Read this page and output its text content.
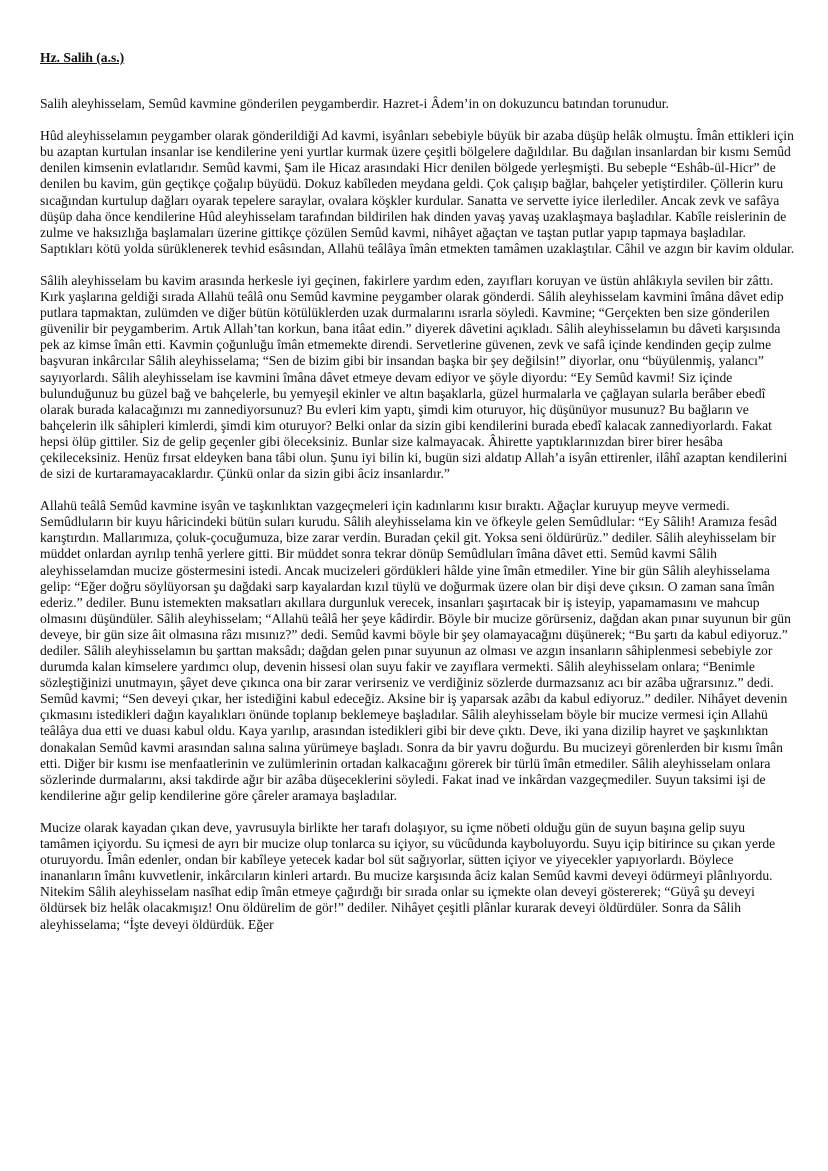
Hz. Salih (a.s.)

Salih aleyhisselam, Semûd kavmine gönderilen peygamberdir. Hazret-i Âdem’in on dokuzuncu batından torunudur.

Hûd aleyhisselamın peygamber olarak gönderildiği Ad kavmi, isyânları sebebiyle büyük bir azaba düşüp helâk olmuştu. Îmân ettikleri için bu azaptan kurtulan insanlar ise kendilerine yeni yurtlar kurmak üzere çeşitli bölgelere dağıldılar. Bu dağılan insanlardan bir kısmı Semûd denilen kimsenin evlatlarıdır. Semûd kavmi, Şam ile Hicaz arasındaki Hicr denilen bölgede yerleşmişti. Bu sebeple “Eshâb-ül-Hicr” de denilen bu kavim, gün geçtikçe çoğalıp büyüdü. Dokuz kabîleden meydana geldi. Çok çalışıp bağlar, bahçeler yetiştirdiler. Çöllerin kuru sıcağından kurtulup dağları oyarak tepelere saraylar, ovalara köşkler kurdular. Sanatta ve servette iyice ilerlediler. Ancak zevk ve safâya düşüp daha önce kendilerine Hûd aleyhisselam tarafından bildirilen hak dinden yavaş yavaş uzaklaşmaya başladılar. Kabîle reislerinin de zulme ve haksızlığa başlamaları üzerine gittikçe çözülen Semûd kavmi, nihâyet ağaçtan ve taştan putlar yapıp tapmaya başladılar. Saptıkları kötü yolda sürüklenerek tevhid esâsından, Allahü teâlâya îmân etmekten tamâmen uzaklaştılar. Câhil ve azgın bir kavim oldular.

Sâlih aleyhisselam bu kavim arasında herkesle iyi geçinen, fakirlere yardım eden, zayıfları koruyan ve üstün ahlâkıyla sevilen bir zâttı. Kırk yaşlarına geldiği sırada Allahü teâlâ onu Semûd kavmine peygamber olarak gönderdi. Sâlih aleyhisselam kavmini îmâna dâvet edip putlara tapmaktan, zulümden ve diğer bütün kötülüklerden uzak durmalarını ısrarla söyledi. Kavmine; “Gerçekten ben size gönderilen güvenilir bir peygamberim. Artık Allah’tan korkun, bana itâat edin.” diyerek dâvetini açıkladı. Sâlih aleyhisselamın bu dâveti karşısında pek az kimse îmân etti. Kavmin çoğunluğu îmân etmemekte direndi. Servetlerine güvenen, zevk ve safâ içinde kendinden geçip zulme başvuran inkârcılar Sâlih aleyhisselama; “Sen de bizim gibi bir insandan başka bir şey değilsin!” diyorlar, onu “büyülenmiş, yalancı” sayıyorlardı. Sâlih aleyhisselam ise kavmini îmâna dâvet etmeye devam ediyor ve şöyle diyordu: “Ey Semûd kavmi! Siz içinde bulunduğunuz bu güzel bağ ve bahçelerle, bu yemyeşil ekinler ve altın başaklarla, güzel hurmalarla ve çağlayan sularla berâber ebedî olarak burada kalacağınızı mı zannediyorsunuz? Bu evleri kim yaptı, şimdi kim oturuyor, hiç düşünüyor musunuz? Bu bağların ve bahçelerin ilk sâhipleri kimlerdi, şimdi kim oturuyor? Belki onlar da sizin gibi kendilerini burada ebedî kalacak zannediyorlardı. Fakat hepsi ölüp gittiler. Siz de gelip geçenler gibi öleceksiniz. Bunlar size kalmayacak. Âhirette yaptıklarınızdan birer birer hesâba çekileceksiniz. Henüz fırsat eldeyken bana tâbi olun. Şunu iyi bilin ki, bugün sizi aldatıp Allah’a isyân ettirenler, ilâhî azaptan kendilerini de sizi de kurtaramayacaklardır. Çünkü onlar da sizin gibi âciz insanlardır.”

Allahü teâlâ Semûd kavmine isyân ve taşkınlıktan vazgeçmeleri için kadınlarını kısır bıraktı. Ağaçlar kuruyup meyve vermedi. Semûdluların bir kuyu hâricindeki bütün suları kurudu. Sâlih aleyhisselama kin ve öfkeyle gelen Semûdlular: “Ey Sâlih! Aramıza fesâd karıştırdın. Mallarımıza, çoluk-çocuğumuza, bize zarar verdin. Buradan çekil git. Yoksa seni öldürürüz.” dediler. Sâlih aleyhisselam bir müddet onlardan ayrılıp tenhâ yerlere gitti. Bir müddet sonra tekrar dönüp Semûdluları îmâna dâvet etti. Semûd kavmi Sâlih aleyhisselamdan mucize göstermesini istedi. Ancak mucizeleri gördükleri hâlde yine îmân etmediler. Yine bir gün Sâlih aleyhisselama gelip: “Eğer doğru söylüyorsan şu dağdaki sarp kayalardan kızıl tüylü ve doğurmak üzere olan bir dişi deve çıksın. O zaman sana îmân ederiz.” dediler. Bunu istemekten maksatları akıllara durgunluk verecek, insanları şaşırtacak bir iş isteyip, yapamamasını ve mahcup olmasını düşündüler. Sâlih aleyhisselam; “Allahü teâlâ her şeye kâdirdir. Böyle bir mucize görürseniz, dağdan akan pınar suyunun bir gün deveye, bir gün size âit olmasına râzı mısınız?” dedi. Semûd kavmi böyle bir şey olamayacağını düşünerek; “Bu şartı da kabul ediyoruz.” dediler. Sâlih aleyhisselamın bu şarttan maksâdı; dağdan gelen pınar suyunun az olması ve azgın insanların sâhiplenmesi sebebiyle zor durumda kalan kimselere yardımcı olup, devenin hissesi olan suyu fakir ve zayıflara vermekti. Sâlih aleyhisselam onlara; “Benimle sözleştiğinizi unutmayın, şâyet deve çıkınca ona bir zarar verirseniz ve verdiğiniz sözlerde durmazsanız acı bir azâba uğrarsınız.” dedi. Semûd kavmi; “Sen deveyi çıkar, her istediğini kabul edeceğiz. Aksine bir iş yaparsak azâbı da kabul ediyoruz.” dediler. Nihâyet devenin çıkmasını istedikleri dağın kayalıkları önünde toplanıp beklemeye başladılar. Sâlih aleyhisselam böyle bir mucize vermesi için Allahü teâlâya dua etti ve duası kabul oldu. Kaya yarılıp, arasından istedikleri gibi bir deve çıktı. Deve, iki yana dizilip hayret ve şaşkınlıktan donakalan Semûd kavmi arasından salına salına yürümeye başladı. Sonra da bir yavru doğurdu. Bu mucizeyi görenlerden bir kısmı îmân etti. Diğer bir kısmı ise menfaatlerinin ve zulümlerinin ortadan kalkacağını görerek bir türlü îmân etmediler. Sâlih aleyhisselam onlara sözlerinde durmalarını, aksi takdirde ağır bir azâba düşeceklerini söyledi. Fakat inad ve inkârdan vazgeçmediler. Suyun taksimi işi de kendilerine ağır gelip kendilerine göre çâreler aramaya başladılar.

Mucize olarak kayadan çıkan deve, yavrusuyla birlikte her tarafı dolaşıyor, su içme nöbeti olduğu gün de suyun başına gelip suyu tamâmen içiyordu. Su içmesi de ayrı bir mucize olup tonlarca su içiyor, su vücûdunda kayboluyordu. Suyu içip bitirince su çıkan yerde oturuyordu. Îmân edenler, ondan bir kabîleye yetecek kadar bol süt sağıyorlar, sütten içiyor ve yiyecekler yapıyorlardı. Böylece inananların îmânı kuvvetlenir, inkârcıların kinleri artardı. Bu mucize karşısında âciz kalan Semûd kavmi deveyi ödürmeyi plânlıyordu. Nitekim Sâlih aleyhisselam nasîhat edip îmân etmeye çağırdığı bir sırada onlar su içmekte olan deveyi göstererek; “Güyâ şu deveyi öldürsek biz helâk olacakmışız! Onu öldürelim de gör!” dediler. Nihâyet çeşitli plânlar kurarak deveyi öldürdüler. Sonra da Sâlih aleyhisselama; “İşte deveyi öldürdük. Eğer
